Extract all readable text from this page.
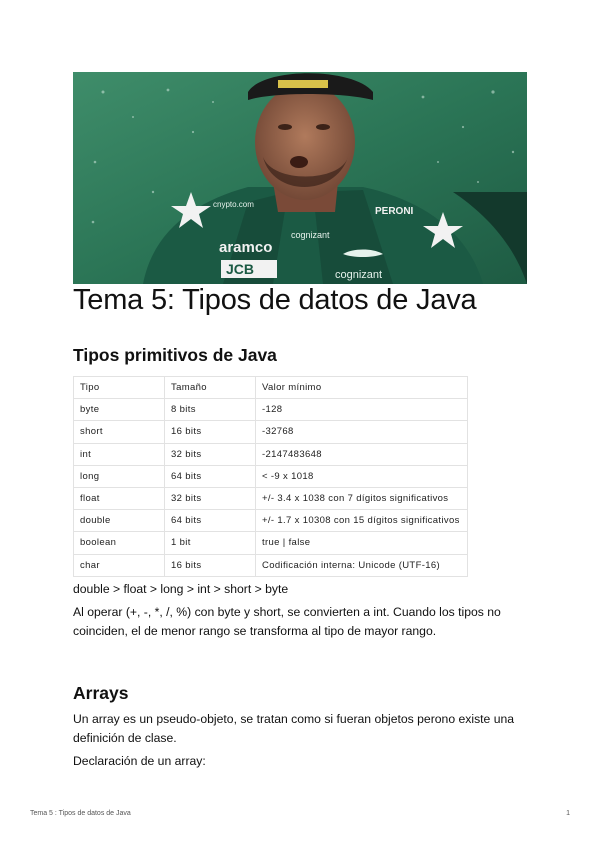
cnypto.com
aramco
JCB
cognizant
PERONI
cognizant
Tema 5: Tipos de datos de Java
Tipos primitivos de Java
Tipo	Tamaño	Valor mínimo
byte	8 bits	-128
short	16 bits	-32768
int	32 bits	-2147483648
long	64 bits	< -9 x 1018
float	32 bits	+/- 3.4 x 1038 con 7 dígitos significativos
double	64 bits	+/- 1.7 x 10308 con 15 dígitos significativos
boolean	1 bit	true | false
char	16 bits	Codificación interna: Unicode (UTF-16)

double > float > long > int > short > byte

Al operar (+, -, *, /, %) con byte y short, se convierten a int. Cuando los tipos no coinciden, el de menor rango se transforma al tipo de mayor rango.

Arrays

Un array es un pseudo-objeto, se tratan como si fueran objetos perono existe una definición de clase.

Declaración de un array:

Tema 5 : Tipos de datos de Java	1
